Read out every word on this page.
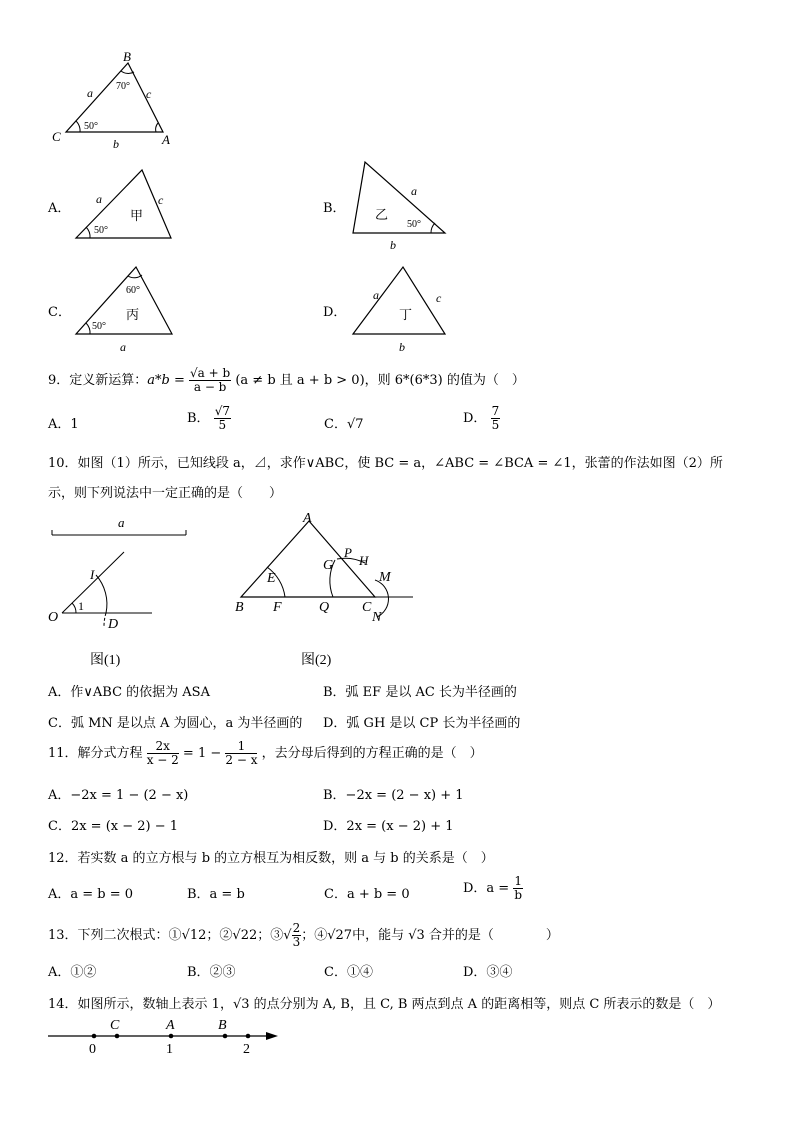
B
C	A
a
b
c
70°
50°
A．
a	c
50°
甲	B．
a
b
50°
乙
C．
a
60°
50°
丙	D．
a
b
c
丁
9．定义新运算：$a*b = \frac{√a + b}{a - b} (a \ne b$ 且 a + b > 0)，则 6*(6*3) 的值为（　）
A．1	B． $\frac{√7}{5}$	C．√7	D． $\frac{7}{5}$
10．如图（1）所示，已知线段 a，⊿，求作∨ABC，使 BC = a，∠ABC = ∠BCA = ∠1，张蕾的作法如图（2）所
示，则下列说法中一定正确的是（　　）
a
I
O	D
1
图(1)
A
E
B F
G
P
H
M
Q C
N
图(2)
A．作∨ABC 的依据为 ASA	B．弧 EF 是以 AC 长为半径画的
C．弧 MN 是以点 A 为圆心，a 为半径画的 D．弧 GH 是以 CP 长为半径画的
11．解分式方程 $\frac{2x}{x - 2} = 1 - \frac{1}{2 - x}$ ，去分母后得到的方程正确的是（　）
A．−2x = 1 − (2 − x)	B．−2x = (2 − x) + 1
C．2x = (x − 2) − 1	D．2x = (x − 2) + 1
12．若实数 a 的立方根与 b 的立方根互为相反数，则 a 与 b 的关系是（　）
A．a = b = 0	B．a = b	C．a + b = 0	D．$a = \frac{1}{b}$
13．下列二次根式：①√12；②√22；③√ $\frac{2}{3}$ ；④√27中，能与 √3 合并的是（　　　　）
A．①②	B．②③	C．①④	D．③④
14．如图所示，数轴上表示 1，√3 的点分别为 A, B，且 C, B 两点到点 A 的距离相等，则点 C 所表示的数是（　）
C	A	B
0	1	2
